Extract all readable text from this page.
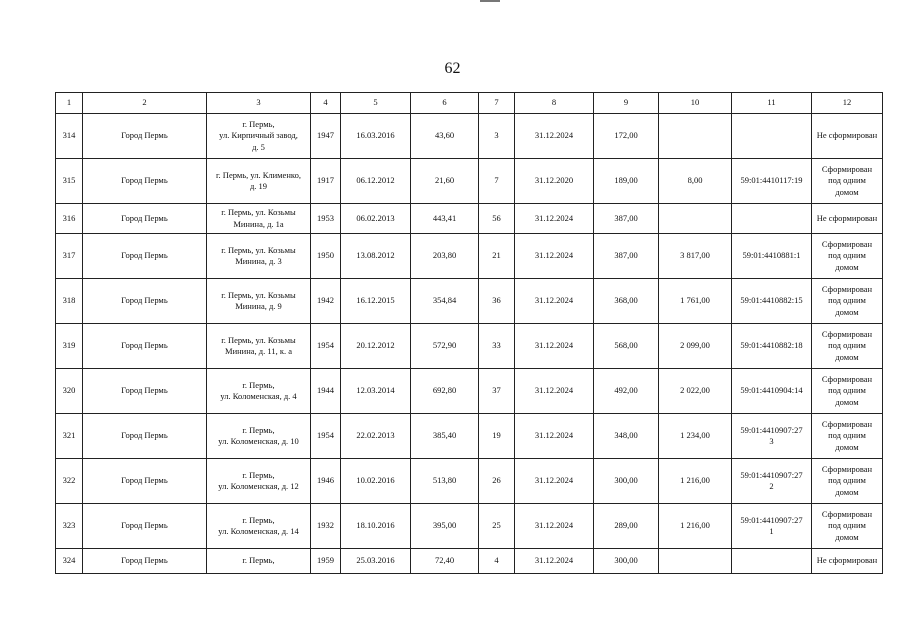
62
1	2	3	4	5	6	7	8	9	10	11	12
314	Город Пермь	г. Пермь,
ул. Кирпичный завод,
д. 5	1947	16.03.2016	43,60	3	31.12.2024	172,00			Не сформирован
315	Город Пермь	г. Пермь, ул. Клименко,
д. 19	1917	06.12.2012	21,60	7	31.12.2020	189,00	8,00	59:01:4410117:19	Сформирован
под одним
домом
316	Город Пермь	г. Пермь, ул. Козьмы
Минина, д. 1а	1953	06.02.2013	443,41	56	31.12.2024	387,00			Не сформирован
317	Город Пермь	г. Пермь, ул. Козьмы
Минина, д. 3	1950	13.08.2012	203,80	21	31.12.2024	387,00	3 817,00	59:01:4410881:1	Сформирован
под одним
домом
318	Город Пермь	г. Пермь, ул. Козьмы
Минина, д. 9	1942	16.12.2015	354,84	36	31.12.2024	368,00	1 761,00	59:01:4410882:15	Сформирован
под одним
домом
319	Город Пермь	г. Пермь, ул. Козьмы
Минина, д. 11, к. а	1954	20.12.2012	572,90	33	31.12.2024	568,00	2 099,00	59:01:4410882:18	Сформирован
под одним
домом
320	Город Пермь	г. Пермь,
ул. Коломенская, д. 4	1944	12.03.2014	692,80	37	31.12.2024	492,00	2 022,00	59:01:4410904:14	Сформирован
под одним
домом
321	Город Пермь	г. Пермь,
ул. Коломенская, д. 10	1954	22.02.2013	385,40	19	31.12.2024	348,00	1 234,00	59:01:4410907:27
3	Сформирован
под одним
домом
322	Город Пермь	г. Пермь,
ул. Коломенская, д. 12	1946	10.02.2016	513,80	26	31.12.2024	300,00	1 216,00	59:01:4410907:27
2	Сформирован
под одним
домом
323	Город Пермь	г. Пермь,
ул. Коломенская, д. 14	1932	18.10.2016	395,00	25	31.12.2024	289,00	1 216,00	59:01:4410907:27
1	Сформирован
под одним
домом
324	Город Пермь	г. Пермь,	1959	25.03.2016	72,40	4	31.12.2024	300,00			Не сформирован
